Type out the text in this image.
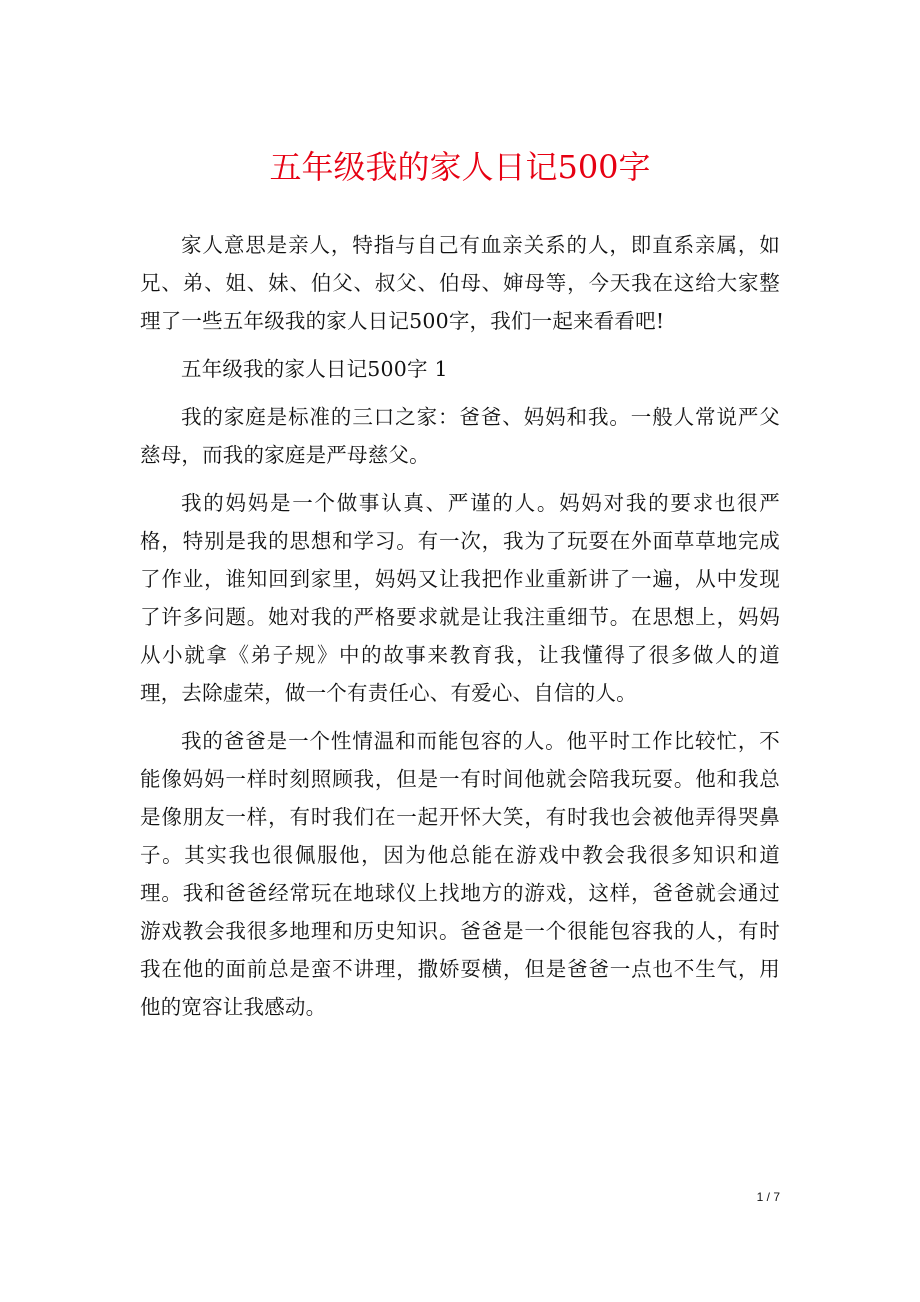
五年级我的家人日记500字

家人意思是亲人，特指与自己有血亲关系的人，即直系亲属，如兄、弟、姐、妹、伯父、叔父、伯母、婶母等，今天我在这给大家整理了一些五年级我的家人日记500字，我们一起来看看吧!

五年级我的家人日记500字 1

我的家庭是标准的三口之家：爸爸、妈妈和我。一般人常说严父慈母，而我的家庭是严母慈父。

我的妈妈是一个做事认真、严谨的人。妈妈对我的要求也很严格，特别是我的思想和学习。有一次，我为了玩耍在外面草草地完成了作业，谁知回到家里，妈妈又让我把作业重新讲了一遍，从中发现了许多问题。她对我的严格要求就是让我注重细节。在思想上，妈妈从小就拿《弟子规》中的故事来教育我，让我懂得了很多做人的道理，去除虚荣，做一个有责任心、有爱心、自信的人。

我的爸爸是一个性情温和而能包容的人。他平时工作比较忙，不能像妈妈一样时刻照顾我，但是一有时间他就会陪我玩耍。他和我总是像朋友一样，有时我们在一起开怀大笑，有时我也会被他弄得哭鼻子。其实我也很佩服他，因为他总能在游戏中教会我很多知识和道理。我和爸爸经常玩在地球仪上找地方的游戏，这样，爸爸就会通过游戏教会我很多地理和历史知识。爸爸是一个很能包容我的人，有时我在他的面前总是蛮不讲理，撒娇耍横，但是爸爸一点也不生气，用他的宽容让我感动。

1 / 7
